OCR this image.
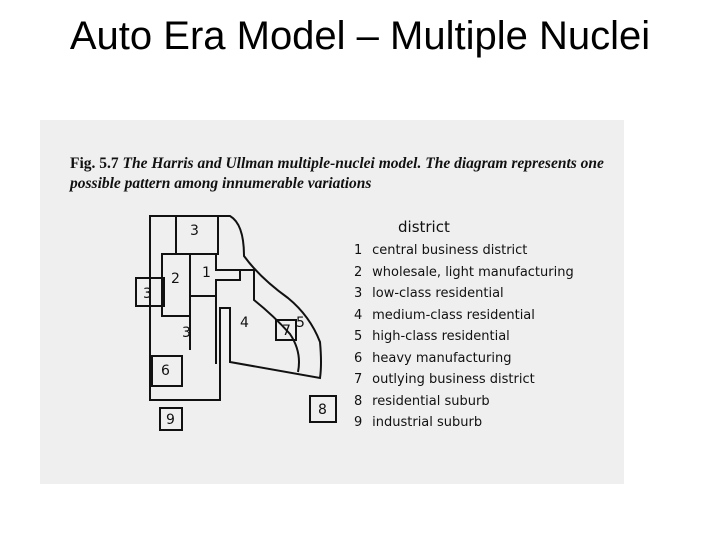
Auto Era Model – Multiple Nuclei
Fig. 5.7 The Harris and Ullman multiple-nuclei model. The diagram represents one possible pattern among innumerable variations
3
1
2
3
3
4 7 5
6
8
9
district
1 central business district
2 wholesale, light manufacturing
3 low-class residential
4 medium-class residential
5 high-class residential
6 heavy manufacturing
7 outlying business district
8 residential suburb
9 industrial suburb
